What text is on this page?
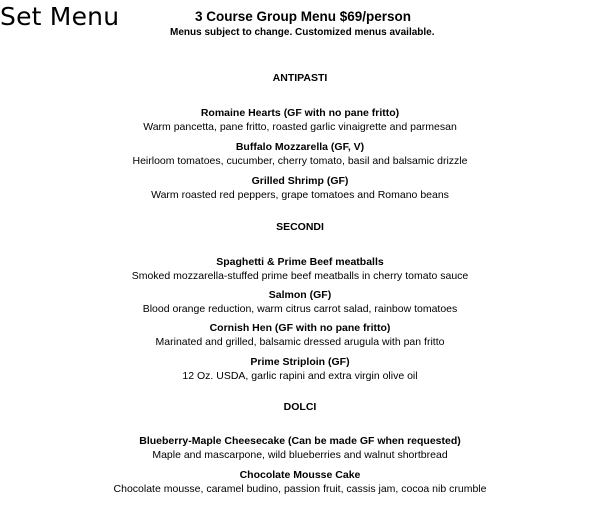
Set Menu	3 Course Group Menu $69/person
Menus subject to change. Customized menus available.
ANTIPASTI
Romaine Hearts (GF with no pane fritto)
Warm pancetta, pane fritto, roasted garlic vinaigrette and parmesan
Buffalo Mozzarella (GF, V)
Heirloom tomatoes, cucumber, cherry tomato, basil and balsamic drizzle
Grilled Shrimp (GF)
Warm roasted red peppers, grape tomatoes and Romano beans
SECONDI
Spaghetti & Prime Beef meatballs
Smoked mozzarella-stuffed prime beef meatballs in cherry tomato sauce
Salmon (GF)
Blood orange reduction, warm citrus carrot salad, rainbow tomatoes
Cornish Hen (GF with no pane fritto)
Marinated and grilled, balsamic dressed arugula with pan fritto
Prime Striploin (GF)
12 Oz. USDA, garlic rapini and extra virgin olive oil
DOLCI
Blueberry-Maple Cheesecake (Can be made GF when requested)
Maple and mascarpone, wild blueberries and walnut shortbread
Chocolate Mousse Cake
Chocolate mousse, caramel budino, passion fruit, cassis jam, cocoa nib crumble
